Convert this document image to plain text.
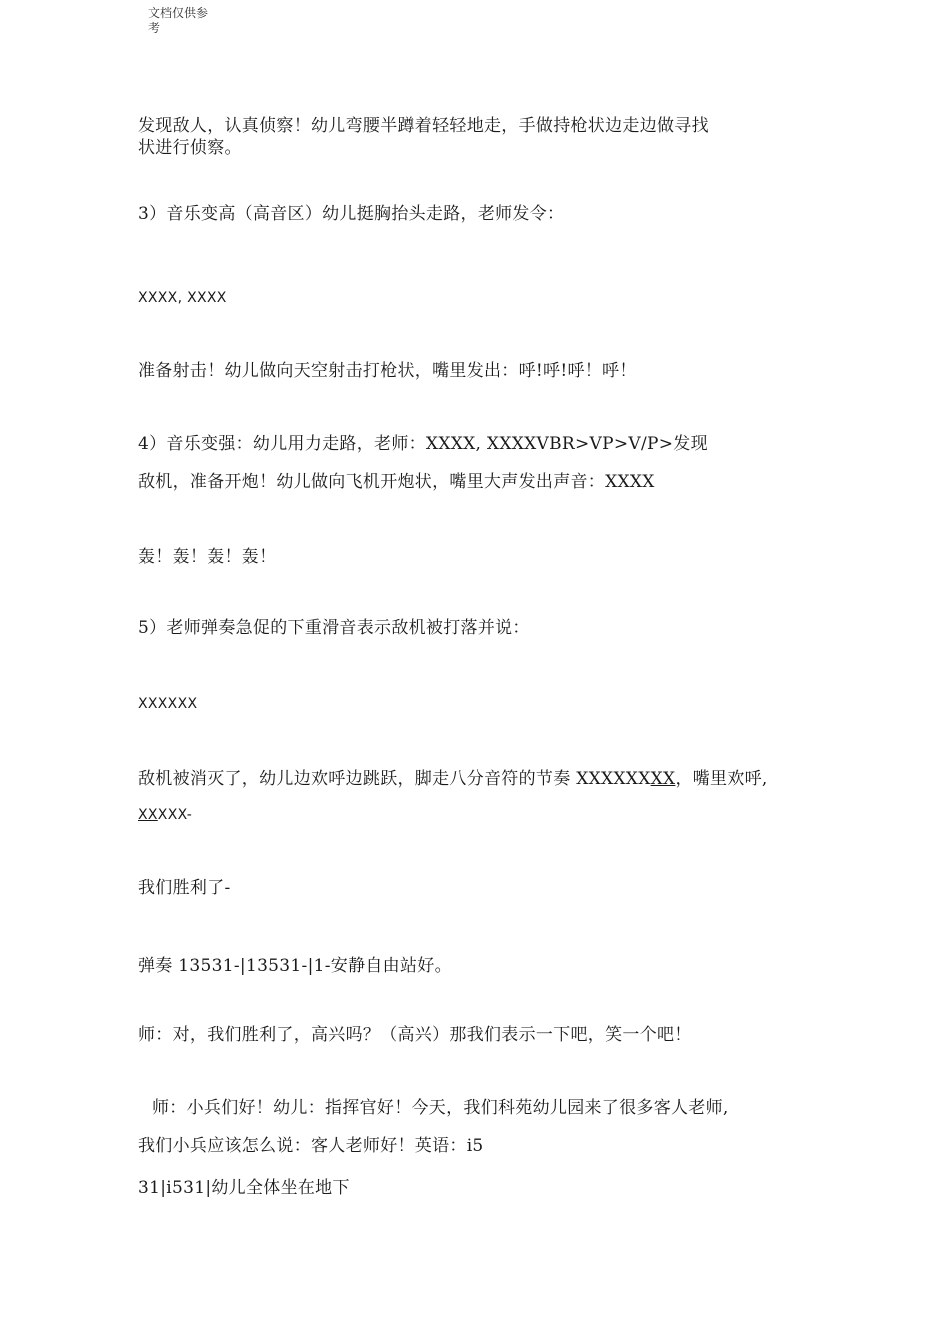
文档仅供参
考
发现敌人，认真侦察！幼儿弯腰半蹲着轻轻地走，手做持枪状边走边做寻找
状进行侦察。
3）音乐变高（高音区）幼儿挺胸抬头走路，老师发令：
XXXX, XXXX
准备射击！幼儿做向天空射击打枪状，嘴里发出：呼!呼!呼！呼！
4）音乐变强：幼儿用力走路，老师：XXXX, XXXXVBR>VP>V/P>发现
敌机，准备开炮！幼儿做向飞机开炮状，嘴里大声发出声音：XXXX
轰！轰！轰！轰！
5）老师弹奏急促的下重滑音表示敌机被打落并说：
XXXXXX
敌机被消灭了，幼儿边欢呼边跳跃，脚走八分音符的节奏 XXXXXXXX，嘴里欢呼,
XXXXX-
我们胜利了-
弹奏 13531-|13531-|1-安静自由站好。
师：对，我们胜利了，高兴吗？（高兴）那我们表示一下吧，笑一个吧！
师：小兵们好！幼儿：指挥官好！今天，我们科苑幼儿园来了很多客人老师,
我们小兵应该怎么说：客人老师好！英语：i5
31|i531|幼儿全体坐在地下
